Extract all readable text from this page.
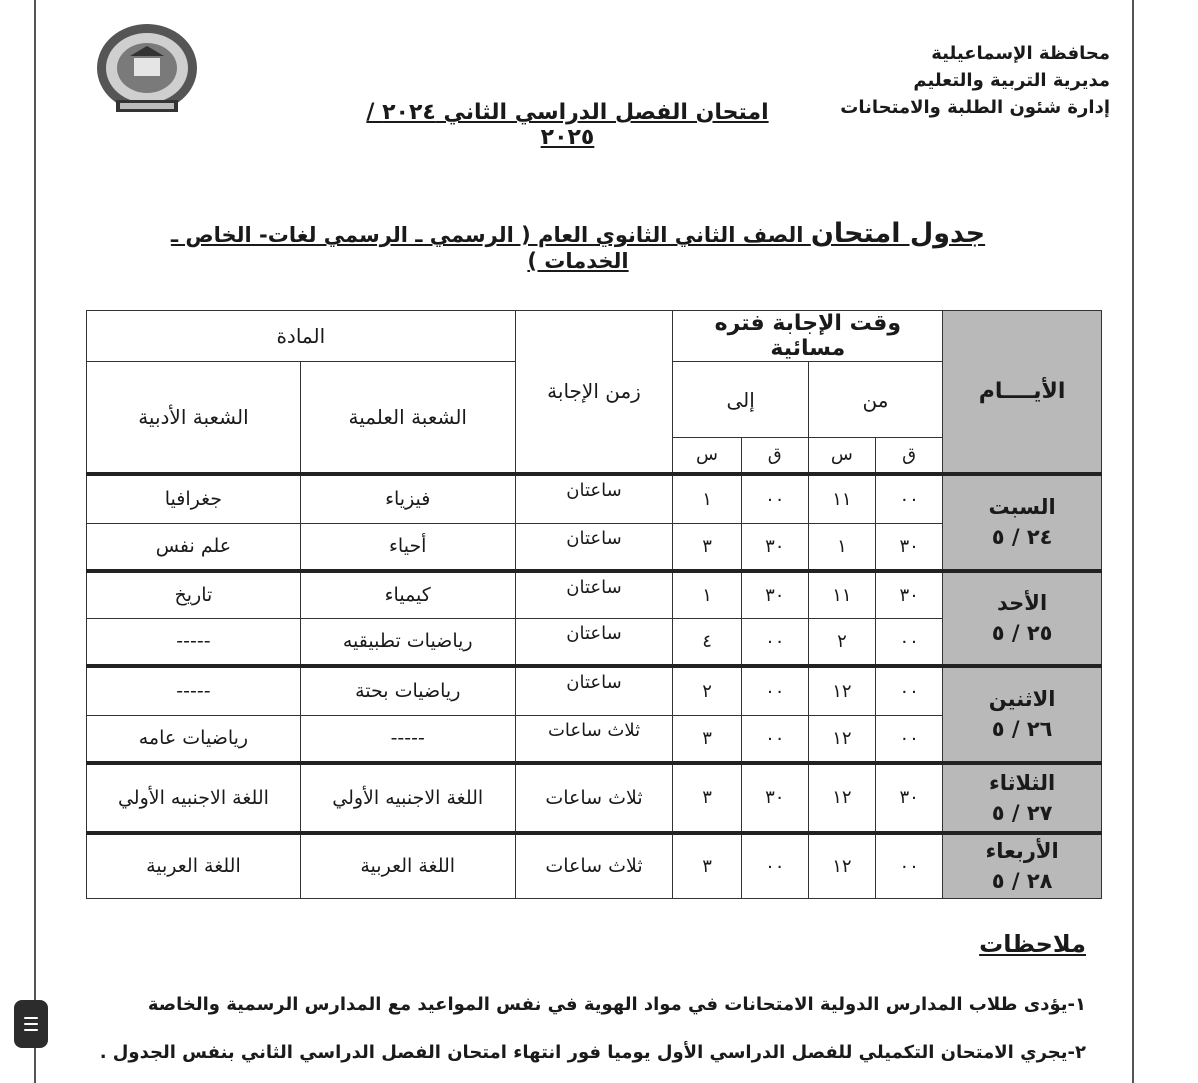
محافظة الإسماعيلية
مديرية التربية والتعليم
إدارة شئون الطلبة والامتحانات
امتحان الفصل الدراسي الثاني ٢٠٢٤ /٢٠٢٥
جدول امتحان الصف الثاني الثانوي العام ( الرسمي ـ الرسمي لغات- الخاص ـ الخدمات )
الأيــــام	وقت الإجابة فتره مسائية				زمن الإجابة	المادة	
	من		إلى			الشعبة العلمية	الشعبة الأدبية
	ق	س	ق	س			

السبت
٢٤ / ٥	٠٠	١١	٠٠	١	ساعتان	فيزياء	جغرافيا
	٣٠	١	٣٠	٣	ساعتان	أحياء	علم نفس

الأحد
٢٥ / ٥	٣٠	١١	٣٠	١	ساعتان	كيمياء	تاريخ
	٠٠	٢	٠٠	٤	ساعتان	رياضيات تطبيقيه	-----

الاثنين
٢٦ / ٥	٠٠	١٢	٠٠	٢	ساعتان	رياضيات بحتة	-----
	٠٠	١٢	٠٠	٣	ثلاث ساعات	-----	رياضيات عامه

الثلاثاء
٢٧ / ٥	٣٠	١٢	٣٠	٣	ثلاث ساعات	اللغة الاجنبيه الأولي	اللغة الاجنبيه الأولي

الأربعاء
٢٨ / ٥	٠٠	١٢	٠٠	٣	ثلاث ساعات	اللغة العربية	اللغة العربية
ملاحظات
١-يؤدى طلاب المدارس الدولية الامتحانات في مواد الهوية في نفس المواعيد مع المدارس الرسمية والخاصة
٢-يجري الامتحان التكميلي للفصل الدراسي الأول يوميا فور انتهاء امتحان الفصل الدراسي الثاني بنفس الجدول .
